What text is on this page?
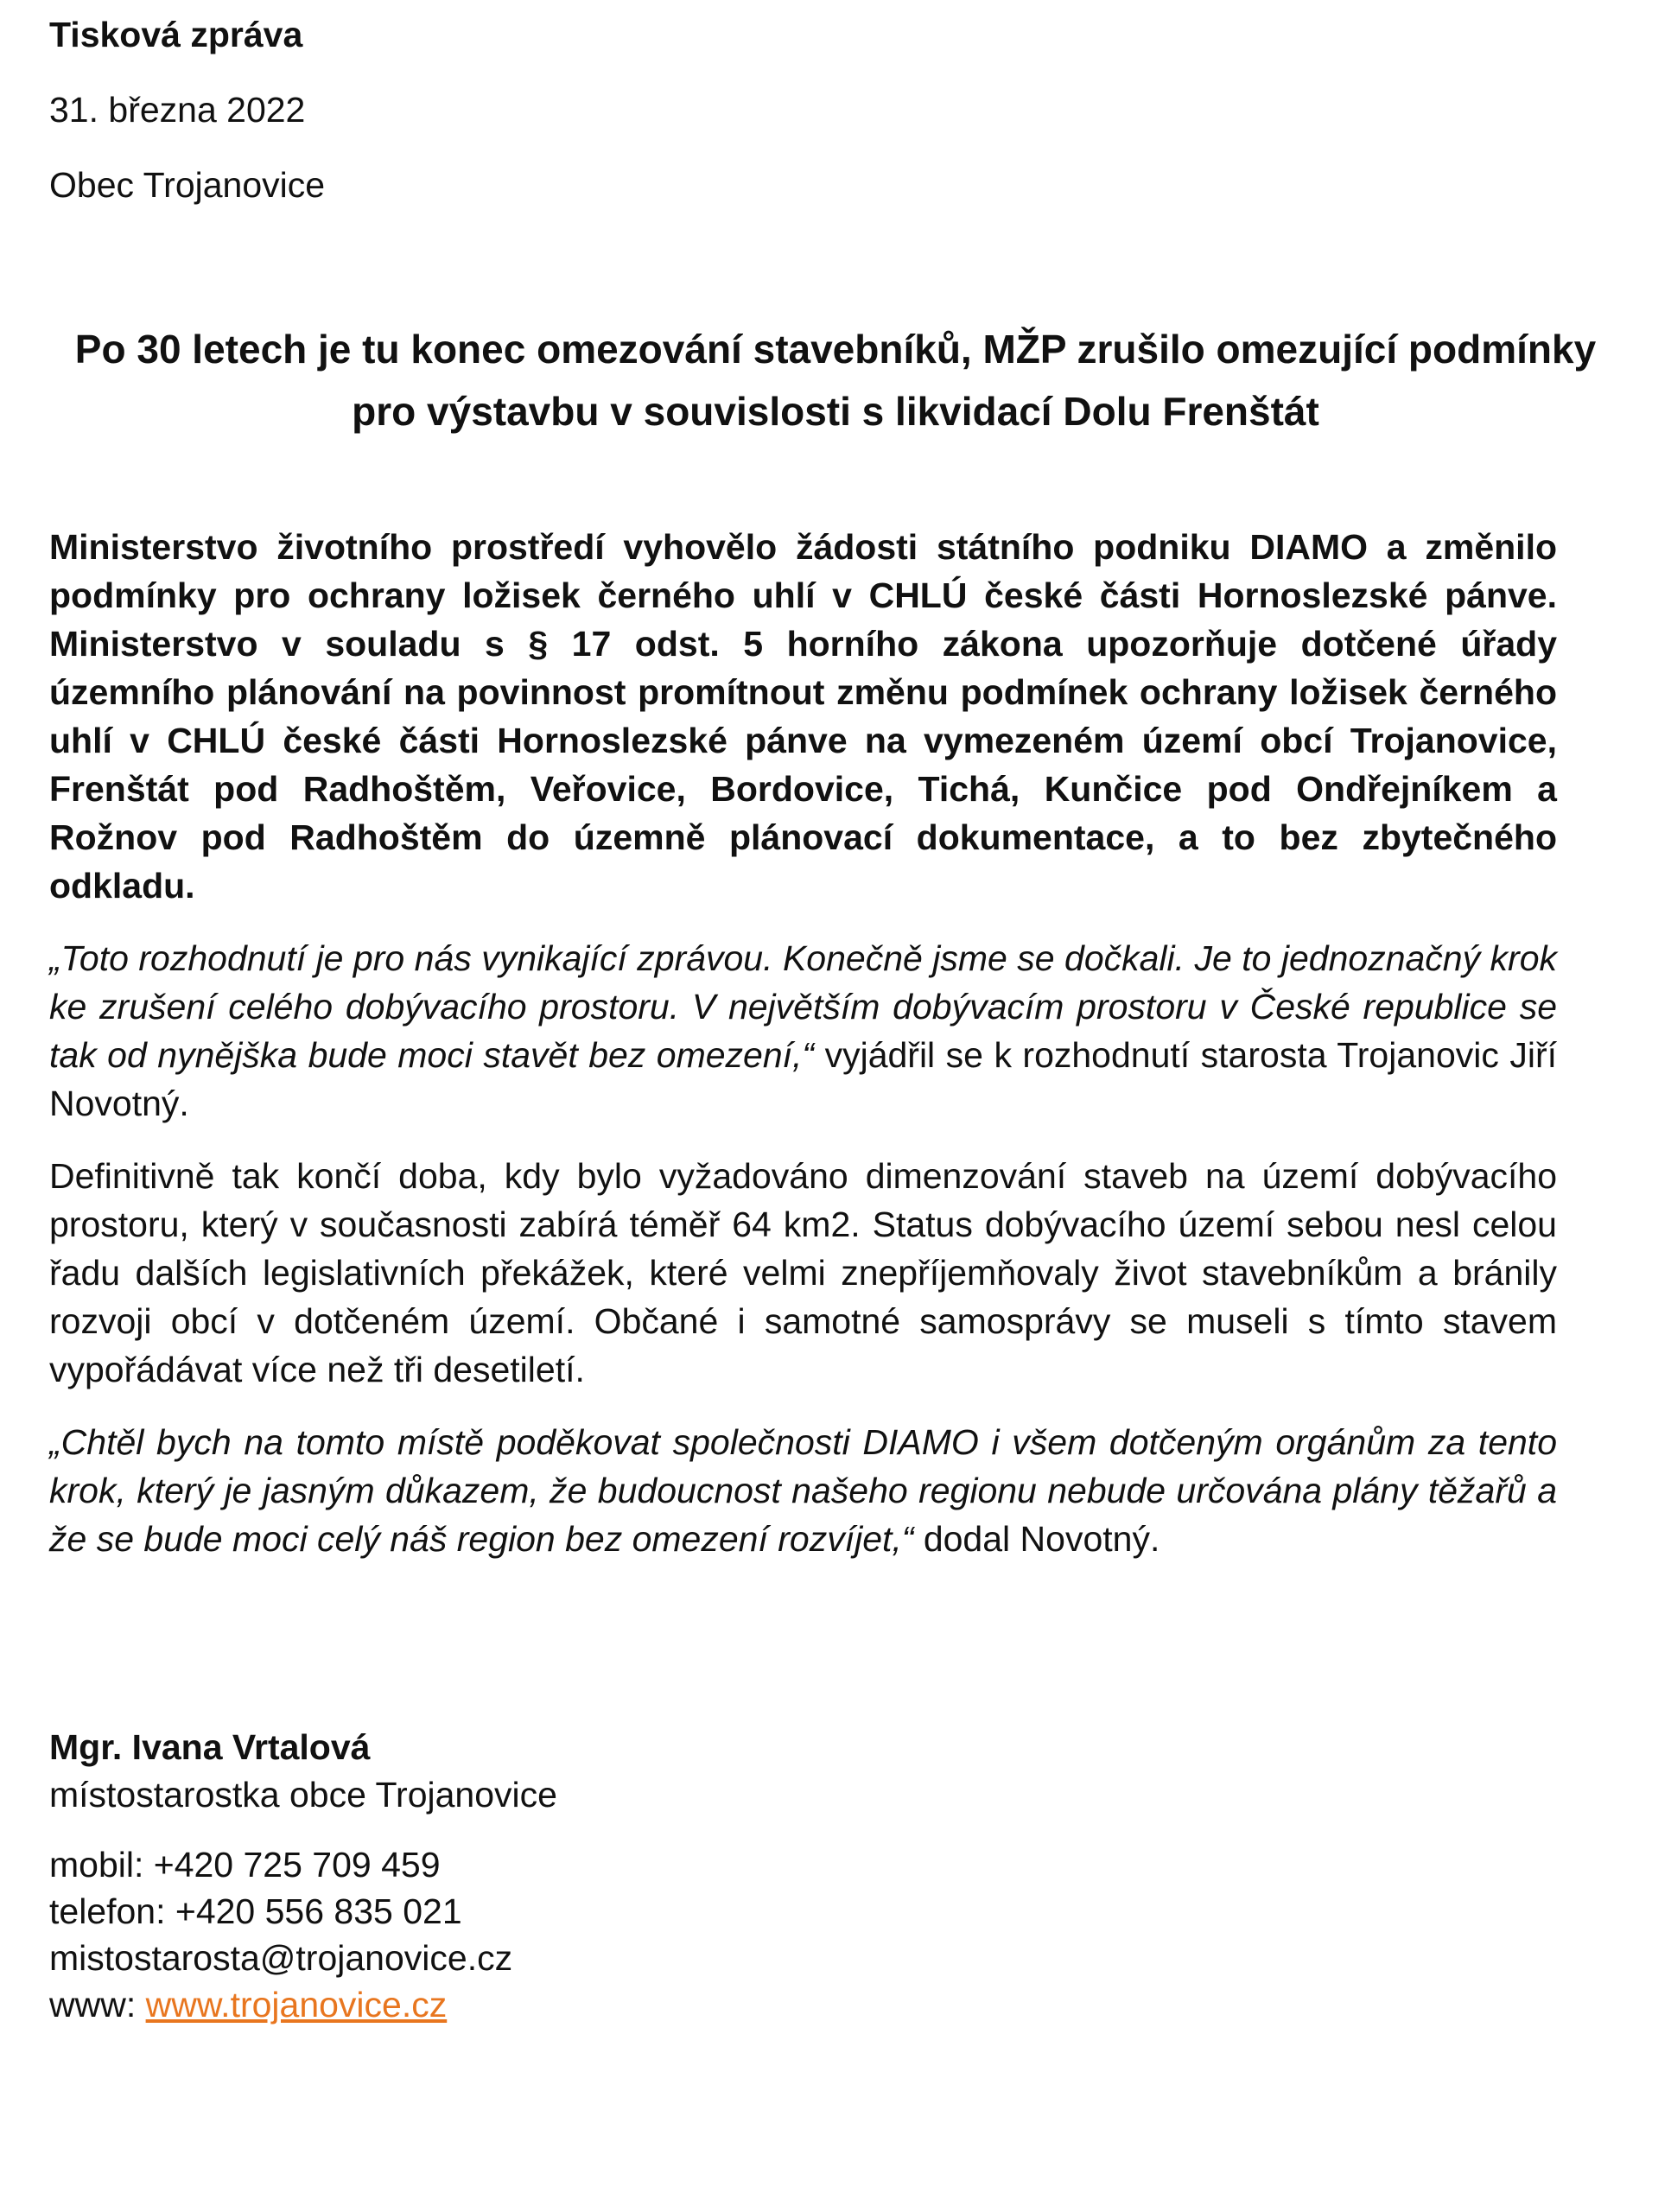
Tisková zpráva

31. března 2022

Obec Trojanovice

Po 30 letech je tu konec omezování stavebníků, MŽP zrušilo omezující podmínky pro výstavbu v souvislosti s likvidací Dolu Frenštát

Ministerstvo životního prostředí vyhovělo žádosti státního podniku DIAMO a změnilo podmínky pro ochrany ložisek černého uhlí v CHLÚ české části Hornoslezské pánve. Ministerstvo v souladu s § 17 odst. 5 horního zákona upozorňuje dotčené úřady územního plánování na povinnost promítnout změnu podmínek ochrany ložisek černého uhlí v CHLÚ české části Hornoslezské pánve na vymezeném území obcí Trojanovice, Frenštát pod Radhoštěm, Veřovice, Bordovice, Tichá, Kunčice pod Ondřejníkem a Rožnov pod Radhoštěm do územně plánovací dokumentace, a to bez zbytečného odkladu.

„Toto rozhodnutí je pro nás vynikající zprávou. Konečně jsme se dočkali. Je to jednoznačný krok ke zrušení celého dobývacího prostoru. V největším dobývacím prostoru v České republice se tak od nynějška bude moci stavět bez omezení,“ vyjádřil se k rozhodnutí starosta Trojanovic Jiří Novotný.

Definitivně tak končí doba, kdy bylo vyžadováno dimenzování staveb na území dobývacího prostoru, který v současnosti zabírá téměř 64 km2. Status dobývacího území sebou nesl celou řadu dalších legislativních překážek, které velmi znepříjemňovaly život stavebníkům a bránily rozvoji obcí v dotčeném území. Občané i samotné samosprávy se museli s tímto stavem vypořádávat více než tři desetiletí.

„Chtěl bych na tomto místě poděkovat společnosti DIAMO i všem dotčeným orgánům za tento krok, který je jasným důkazem, že budoucnost našeho regionu nebude určována plány těžařů a že se bude moci celý náš region bez omezení rozvíjet,“ dodal Novotný.

Mgr. Ivana Vrtalová

místostarostka obce Trojanovice

mobil: +420 725 709 459

telefon: +420 556 835 021

mistostarosta@trojanovice.cz

www: www.trojanovice.cz
